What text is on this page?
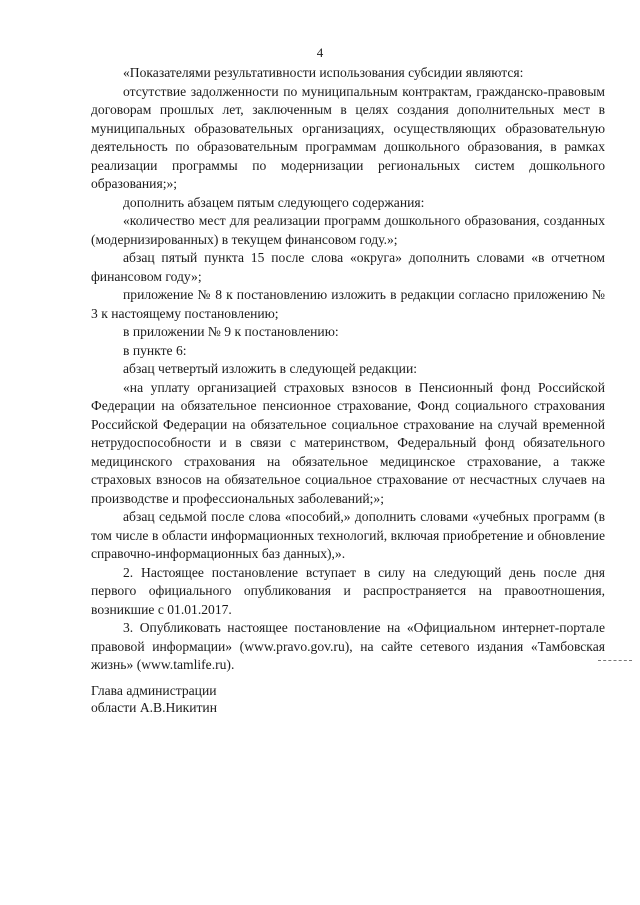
4

«Показателями результативности использования субсидии являются:

отсутствие задолженности по муниципальным контрактам, гражданско-правовым договорам прошлых лет, заключенным в целях создания дополнительных мест в муниципальных образовательных организациях, осуществляющих образовательную деятельность по образовательным программам дошкольного образования, в рамках реализации программы по модернизации региональных систем дошкольного образования;»;

дополнить абзацем пятым следующего содержания:

«количество мест для реализации программ дошкольного образования, созданных (модернизированных) в текущем финансовом году.»;

абзац пятый пункта 15 после слова «округа» дополнить словами «в отчетном финансовом году»;

приложение № 8 к постановлению изложить в редакции согласно приложению № 3 к настоящему постановлению;

в приложении № 9 к постановлению:

в пункте 6:

абзац четвертый изложить в следующей редакции:

«на уплату организацией страховых взносов в Пенсионный фонд Российской Федерации на обязательное пенсионное страхование, Фонд социального страхования Российской Федерации на обязательное социальное страхование на случай временной нетрудоспособности и в связи с материнством, Федеральный фонд обязательного медицинского страхования на обязательное медицинское страхование, а также страховых взносов на обязательное социальное страхование от несчастных случаев на производстве и профессиональных заболеваний;»;

абзац седьмой после слова «пособий,» дополнить словами «учебных программ (в том числе в области информационных технологий, включая приобретение и обновление справочно-информационных баз данных),».

2. Настоящее постановление вступает в силу на следующий день после дня первого официального опубликования и распространяется на правоотношения, возникшие с 01.01.2017.

3. Опубликовать настоящее постановление на «Официальном интернет-портале правовой информации» (www.pravo.gov.ru), на сайте сетевого издания «Тамбовская жизнь» (www.tamlife.ru).

Глава администрации
области А.В.Никитин
